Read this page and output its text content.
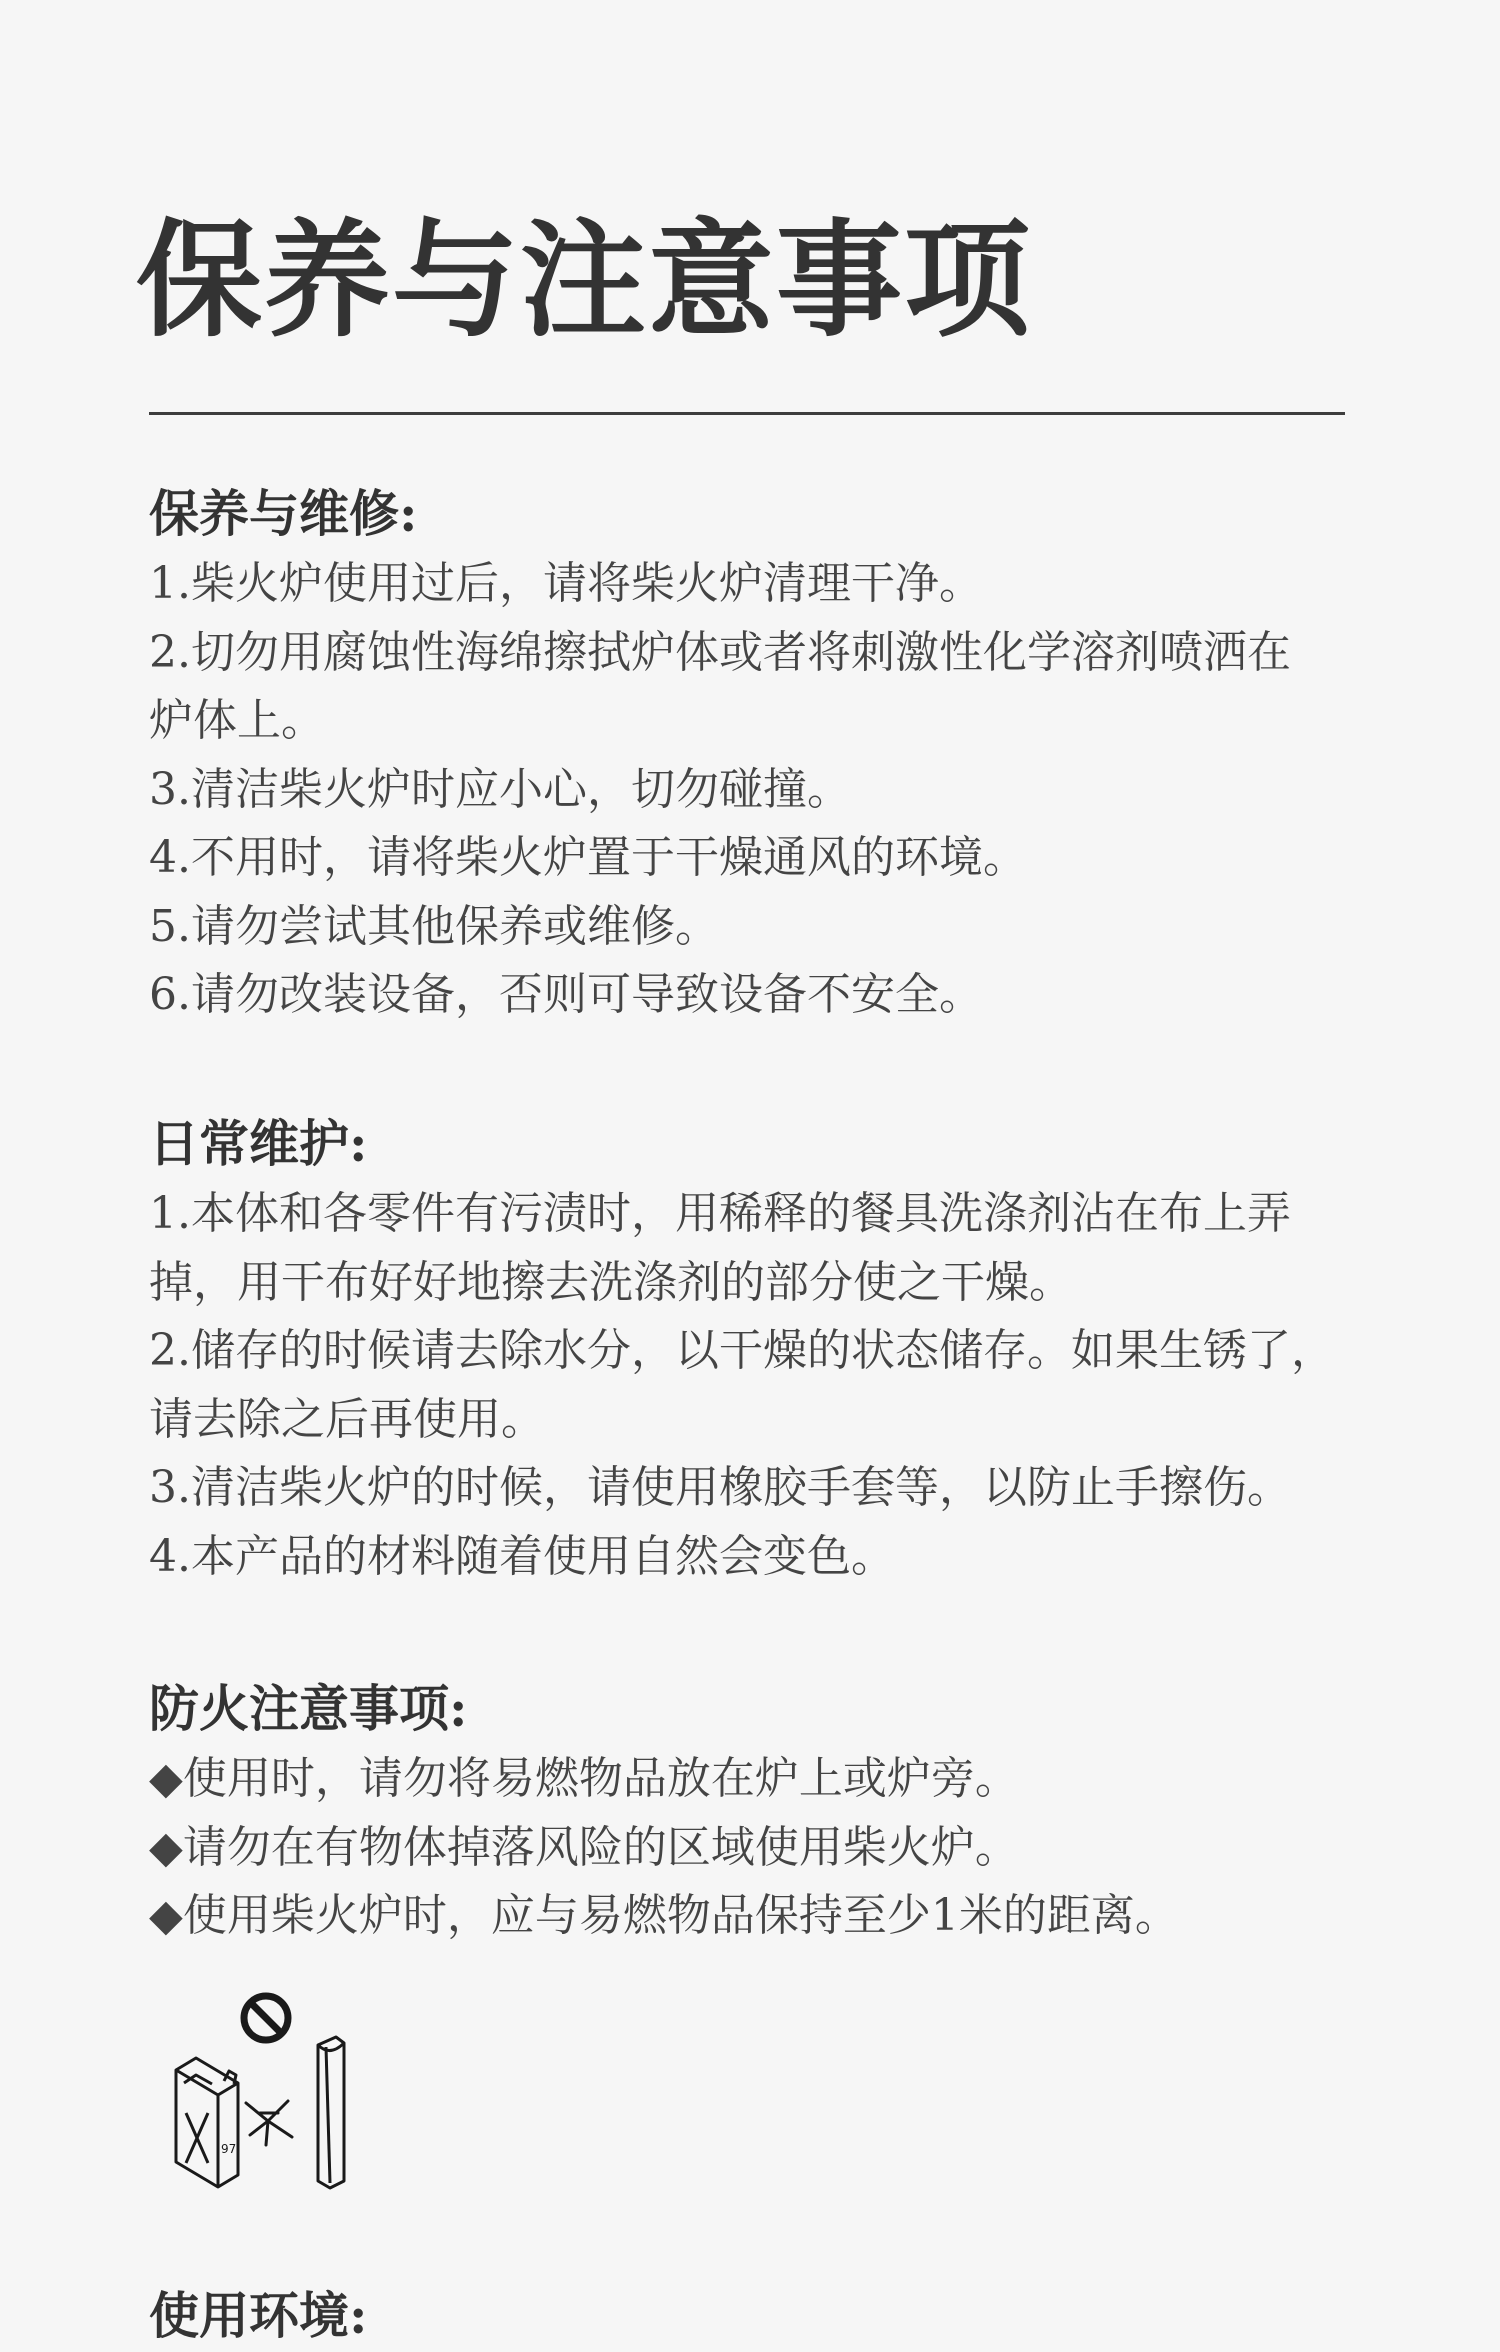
保养与注意事项
保养与维修:
1.柴火炉使用过后，请将柴火炉清理干净。
2.切勿用腐蚀性海绵擦拭炉体或者将刺激性化学溶剂喷洒在
炉体上。
3.清洁柴火炉时应小心，切勿碰撞。
4.不用时，请将柴火炉置于干燥通风的环境。
5.请勿尝试其他保养或维修。
6.请勿改装设备，否则可导致设备不安全。
日常维护:
1.本体和各零件有污渍时，用稀释的餐具洗涤剂沾在布上弄
掉，用干布好好地擦去洗涤剂的部分使之干燥。
2.储存的时候请去除水分，以干燥的状态储存。如果生锈了，
请去除之后再使用。
3.清洁柴火炉的时候，请使用橡胶手套等，以防止手擦伤。
4.本产品的材料随着使用自然会变色。
防火注意事项:
◆使用时，请勿将易燃物品放在炉上或炉旁。
◆请勿在有物体掉落风险的区域使用柴火炉。
◆使用柴火炉时，应与易燃物品保持至少1米的距离。
97
使用环境:
